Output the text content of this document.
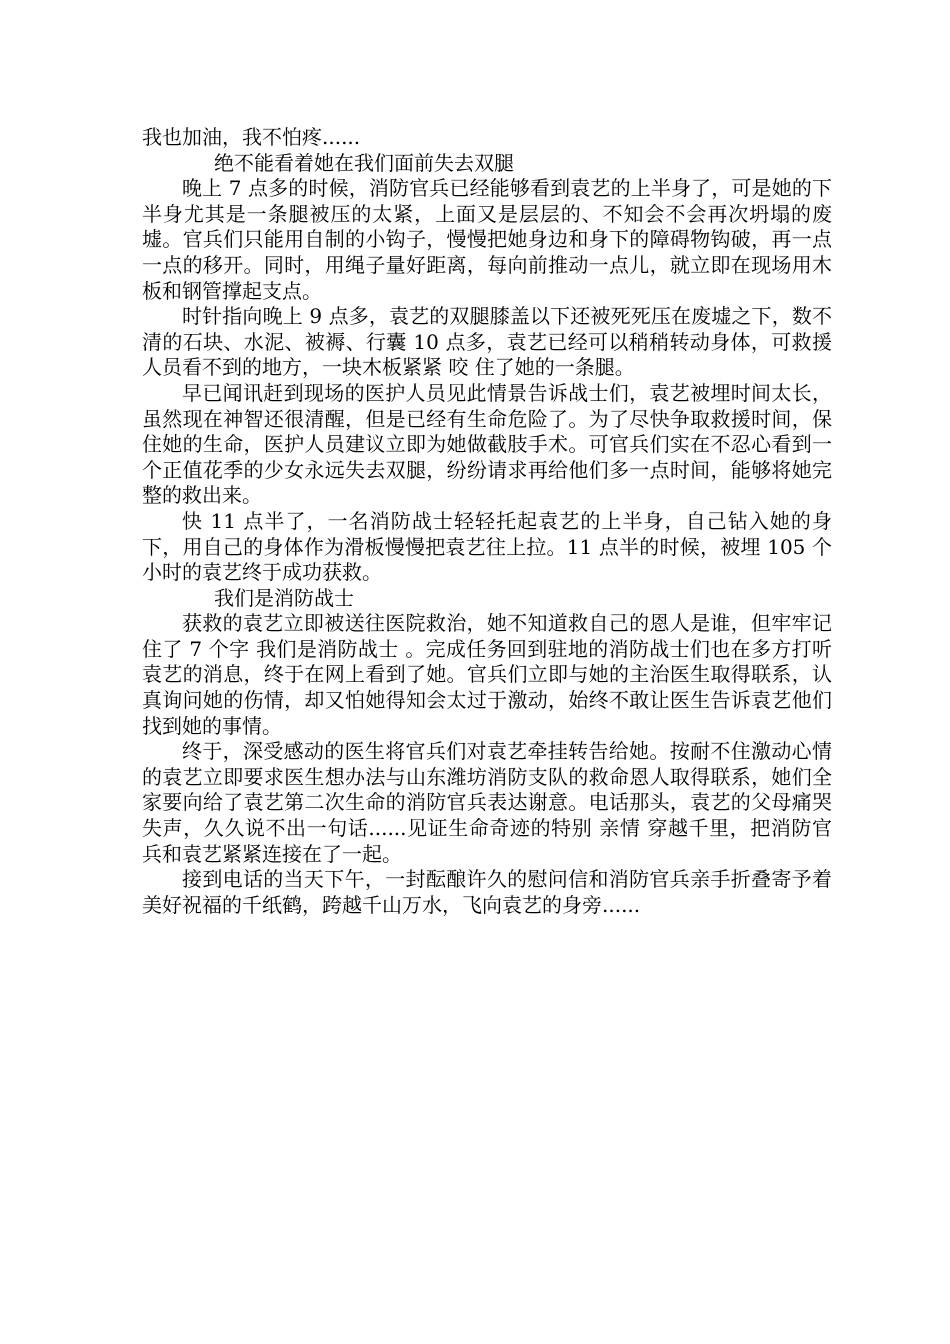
我也加油，我不怕疼......

绝不能看着她在我们面前失去双腿

晚上 7 点多的时候，消防官兵已经能够看到袁艺的上半身了，可是她的下半身尤其是一条腿被压的太紧，上面又是层层的、不知会不会再次坍塌的废墟。官兵们只能用自制的小钩子，慢慢把她身边和身下的障碍物钩破，再一点一点的移开。同时，用绳子量好距离，每向前推动一点儿，就立即在现场用木板和钢管撑起支点。

时针指向晚上 9 点多，袁艺的双腿膝盖以下还被死死压在废墟之下，数不清的石块、水泥、被褥、行囊 10 点多，袁艺已经可以稍稍转动身体，可救援人员看不到的地方，一块木板紧紧 咬 住了她的一条腿。

早已闻讯赶到现场的医护人员见此情景告诉战士们，袁艺被埋时间太长，虽然现在神智还很清醒，但是已经有生命危险了。为了尽快争取救援时间，保住她的生命，医护人员建议立即为她做截肢手术。可官兵们实在不忍心看到一个正值花季的少女永远失去双腿，纷纷请求再给他们多一点时间，能够将她完整的救出来。

快 11 点半了，一名消防战士轻轻托起袁艺的上半身，自己钻入她的身下，用自己的身体作为滑板慢慢把袁艺往上拉。11 点半的时候，被埋 105 个小时的袁艺终于成功获救。

我们是消防战士

获救的袁艺立即被送往医院救治，她不知道救自己的恩人是谁，但牢牢记住了 7 个字 我们是消防战士 。完成任务回到驻地的消防战士们也在多方打听袁艺的消息，终于在网上看到了她。官兵们立即与她的主治医生取得联系，认真询问她的伤情，却又怕她得知会太过于激动，始终不敢让医生告诉袁艺他们找到她的事情。

终于，深受感动的医生将官兵们对袁艺牵挂转告给她。按耐不住激动心情的袁艺立即要求医生想办法与山东潍坊消防支队的救命恩人取得联系，她们全家要向给了袁艺第二次生命的消防官兵表达谢意。电话那头，袁艺的父母痛哭失声，久久说不出一句话......见证生命奇迹的特别 亲情 穿越千里，把消防官兵和袁艺紧紧连接在了一起。

接到电话的当天下午，一封酝酿许久的慰问信和消防官兵亲手折叠寄予着美好祝福的千纸鹤，跨越千山万水，飞向袁艺的身旁......
